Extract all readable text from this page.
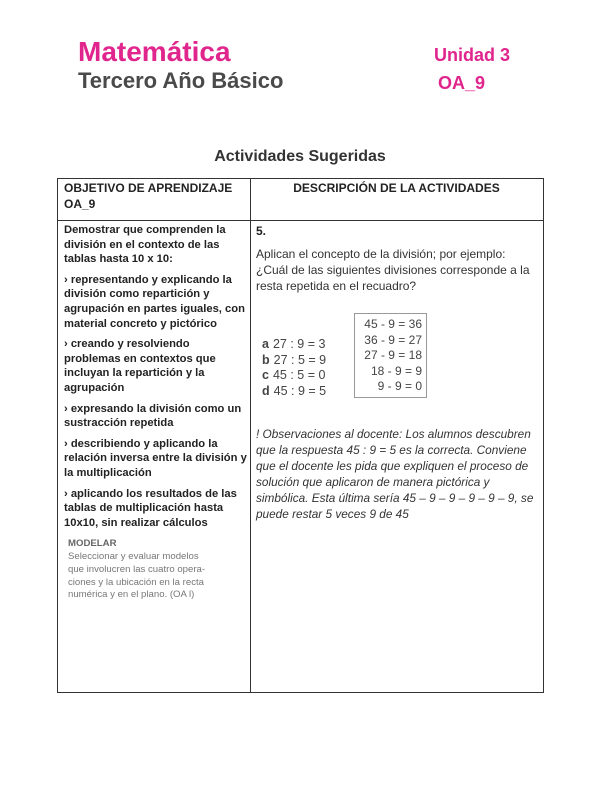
Matemática
Tercero Año Básico
Unidad 3
OA_9
Actividades Sugeridas
OBJETIVO DE APRENDIZAJE OA_9
DESCRIPCIÓN DE LA ACTIVIDADES

Demostrar que comprenden la división en el contexto de las tablas hasta 10 x 10:

› representando y explicando la división como repartición y agrupación en partes iguales, con material concreto y pictórico

› creando y resolviendo problemas en contextos que incluyan la repartición y la agrupación

› expresando la división como un sustracción repetida

› describiendo y aplicando la relación inversa entre la división y la multiplicación

› aplicando los resultados de las tablas de multiplicación hasta 10x10, sin realizar cálculos

MODELAR
Seleccionar y evaluar modelos
que involucren las cuatro opera-
ciones y la ubicación en la recta
numérica y en el plano. (OA l)

5.

Aplican el concepto de la división; por ejemplo: ¿Cuál de las siguientes divisiones corresponde a la resta repetida en el recuadro?

! Observaciones al docente: Los alumnos descubren que la respuesta 45 : 9 = 5 es la correcta. Conviene que el docente les pida que expliquen el proceso de solución que aplicaron de manera pictórica y simbólica. Esta última sería 45 – 9 – 9 – 9 – 9 – 9, se puede restar 5 veces 9 de 45

a 27 : 9 = 3
b 27 : 5 = 9
c 45 : 5 = 0
d 45 : 9 = 5
45 - 9 = 36
36 - 9 = 27
27 - 9 = 18
18 - 9 = 9
9 - 9 = 0
